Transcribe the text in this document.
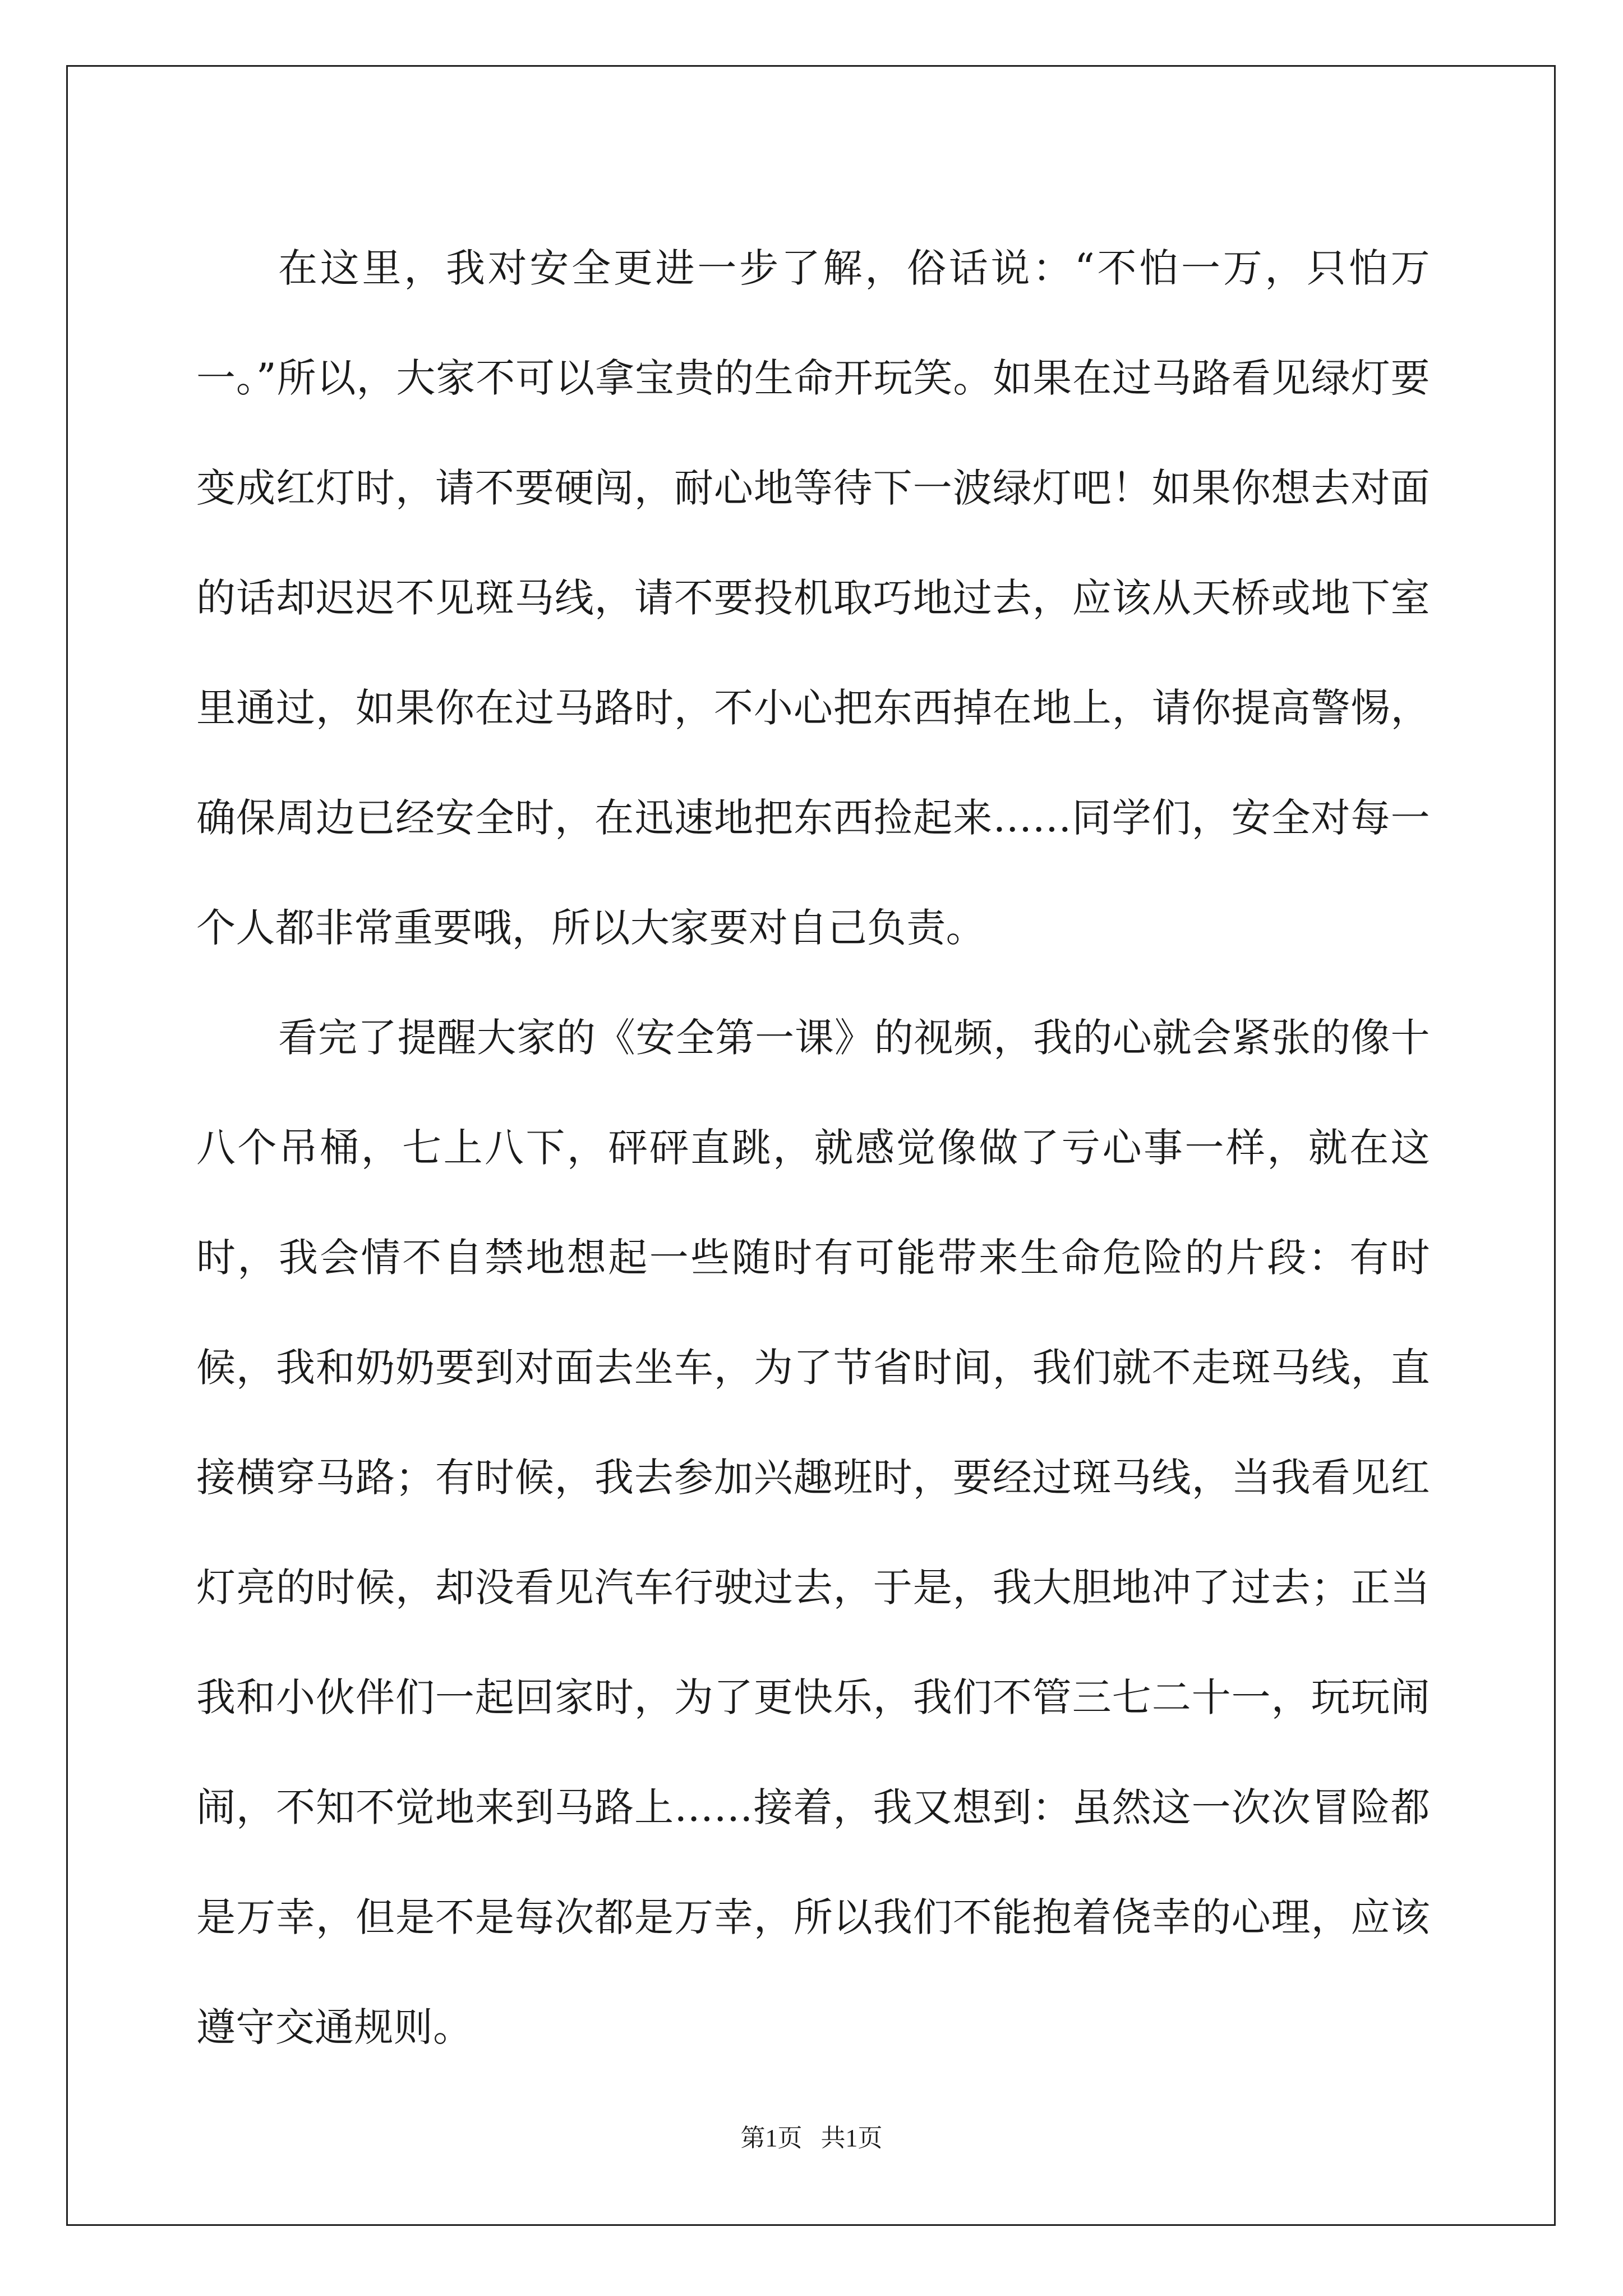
在这里，我对安全更进一步了解，俗话说：“不怕一万，只怕万一。”所以，大家不可以拿宝贵的生命开玩笑。如果在过马路看见绿灯要变成红灯时，请不要硬闯，耐心地等待下一波绿灯吧！如果你想去对面的话却迟迟不见斑马线，请不要投机取巧地过去，应该从天桥或地下室里通过，如果你在过马路时，不小心把东西掉在地上，请你提高警惕，确保周边已经安全时，在迅速地把东西捡起来……同学们，安全对每一个人都非常重要哦，所以大家要对自己负责。

看完了提醒大家的《安全第一课》的视频，我的心就会紧张的像十八个吊桶，七上八下，砰砰直跳，就感觉像做了亏心事一样，就在这时，我会情不自禁地想起一些随时有可能带来生命危险的片段：有时候，我和奶奶要到对面去坐车，为了节省时间，我们就不走斑马线，直接横穿马路；有时候，我去参加兴趣班时，要经过斑马线，当我看见红灯亮的时候，却没看见汽车行驶过去，于是，我大胆地冲了过去；正当我和小伙伴们一起回家时，为了更快乐，我们不管三七二十一，玩玩闹闹，不知不觉地来到马路上……接着，我又想到：虽然这一次次冒险都是万幸，但是不是每次都是万幸，所以我们不能抱着侥幸的心理，应该遵守交通规则。

第1页 共1页
